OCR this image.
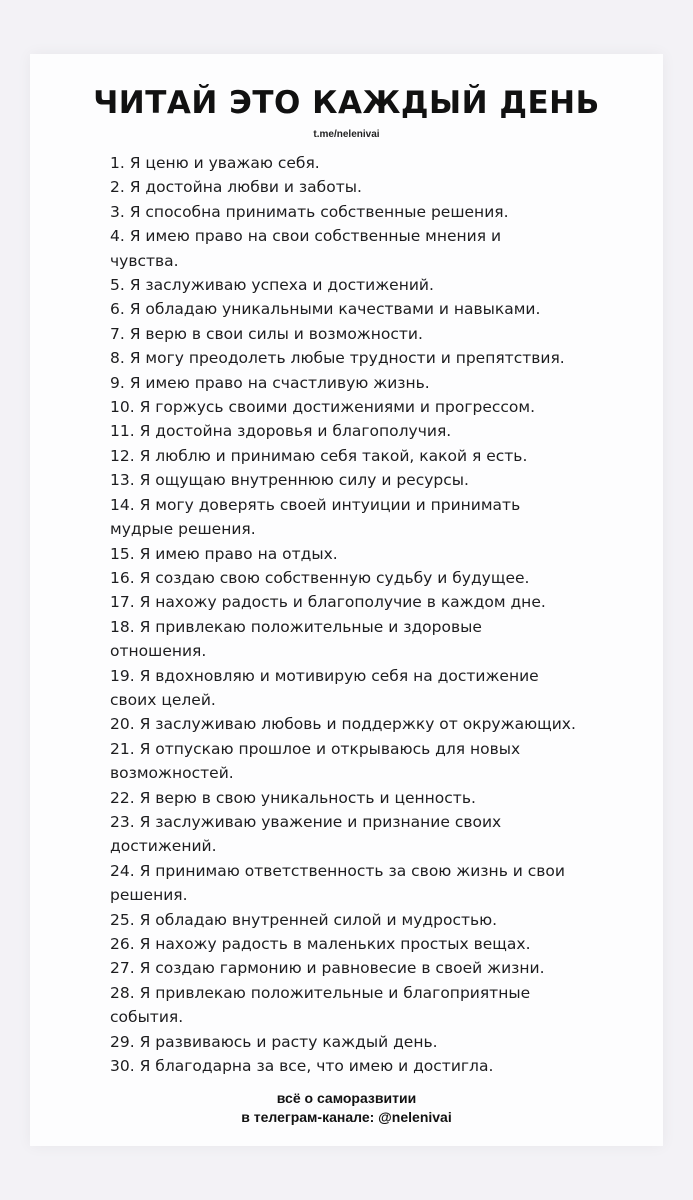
ЧИТАЙ ЭТО КАЖДЫЙ ДЕНЬ
t.me/nelenivai
1. Я ценю и уважаю себя.
2. Я достойна любви и заботы.
3. Я способна принимать собственные решения.
4. Я имею право на свои собственные мнения и
чувства.
5. Я заслуживаю успеха и достижений.
6. Я обладаю уникальными качествами и навыками.
7. Я верю в свои силы и возможности.
8. Я могу преодолеть любые трудности и препятствия.
9. Я имею право на счастливую жизнь.
10. Я горжусь своими достижениями и прогрессом.
11. Я достойна здоровья и благополучия.
12. Я люблю и принимаю себя такой, какой я есть.
13. Я ощущаю внутреннюю силу и ресурсы.
14. Я могу доверять своей интуиции и принимать
мудрые решения.
15. Я имею право на отдых.
16. Я создаю свою собственную судьбу и будущее.
17. Я нахожу радость и благополучие в каждом дне.
18. Я привлекаю положительные и здоровые
отношения.
19. Я вдохновляю и мотивирую себя на достижение
своих целей.
20. Я заслуживаю любовь и поддержку от окружающих.
21. Я отпускаю прошлое и открываюсь для новых
возможностей.
22. Я верю в свою уникальность и ценность.
23. Я заслуживаю уважение и признание своих
достижений.
24. Я принимаю ответственность за свою жизнь и свои
решения.
25. Я обладаю внутренней силой и мудростью.
26. Я нахожу радость в маленьких простых вещах.
27. Я создаю гармонию и равновесие в своей жизни.
28. Я привлекаю положительные и благоприятные
события.
29. Я развиваюсь и расту каждый день.
30. Я благодарна за все, что имею и достигла.
всё о саморазвитии
в телеграм-канале: @nelenivai
